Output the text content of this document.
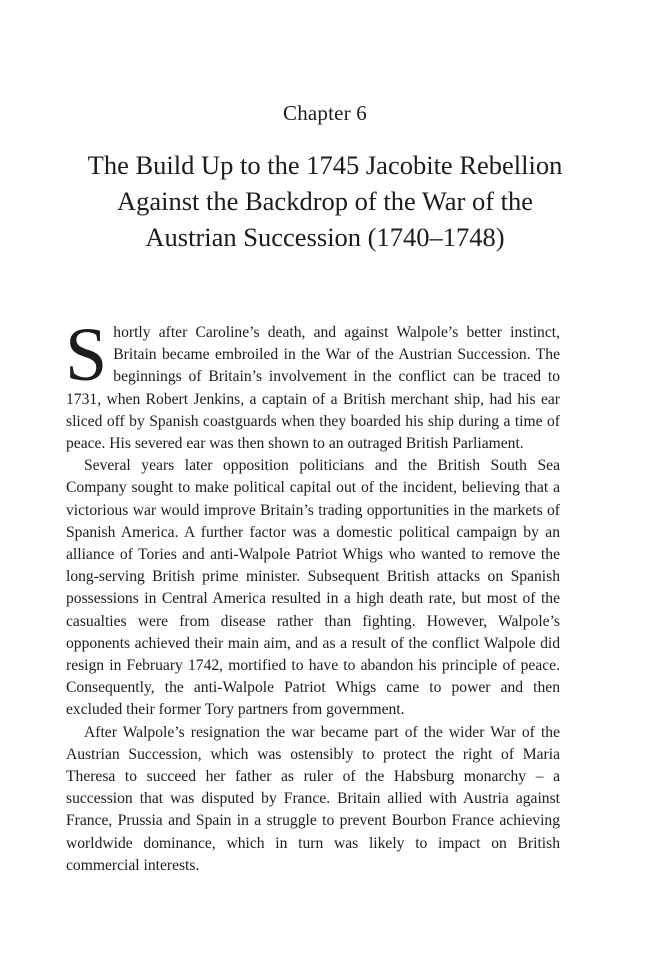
Chapter 6
The Build Up to the 1745 Jacobite Rebellion
Against the Backdrop of the War of the
Austrian Succession (1740–1748)

Shortly after Caroline’s death, and against Walpole’s better instinct, Britain became embroiled in the War of the Austrian Succession. The beginnings of Britain’s involvement in the conflict can be traced to 1731, when Robert Jenkins, a captain of a British merchant ship, had his ear sliced off by Spanish coastguards when they boarded his ship during a time of peace. His severed ear was then shown to an outraged British Parliament.

Several years later opposition politicians and the British South Sea Company sought to make political capital out of the incident, believing that a victorious war would improve Britain’s trading opportunities in the markets of Spanish America. A further factor was a domestic political campaign by an alliance of Tories and anti-Walpole Patriot Whigs who wanted to remove the long-serving British prime minister. Subsequent British attacks on Spanish possessions in Central America resulted in a high death rate, but most of the casualties were from disease rather than fighting. However, Walpole’s opponents achieved their main aim, and as a result of the conflict Walpole did resign in February 1742, mortified to have to abandon his principle of peace. Consequently, the anti-Walpole Patriot Whigs came to power and then excluded their former Tory partners from government.

After Walpole’s resignation the war became part of the wider War of the Austrian Succession, which was ostensibly to protect the right of Maria Theresa to succeed her father as ruler of the Habsburg monarchy – a succession that was disputed by France. Britain allied with Austria against France, Prussia and Spain in a struggle to prevent Bourbon France achieving worldwide dominance, which in turn was likely to impact on British commercial interests.
